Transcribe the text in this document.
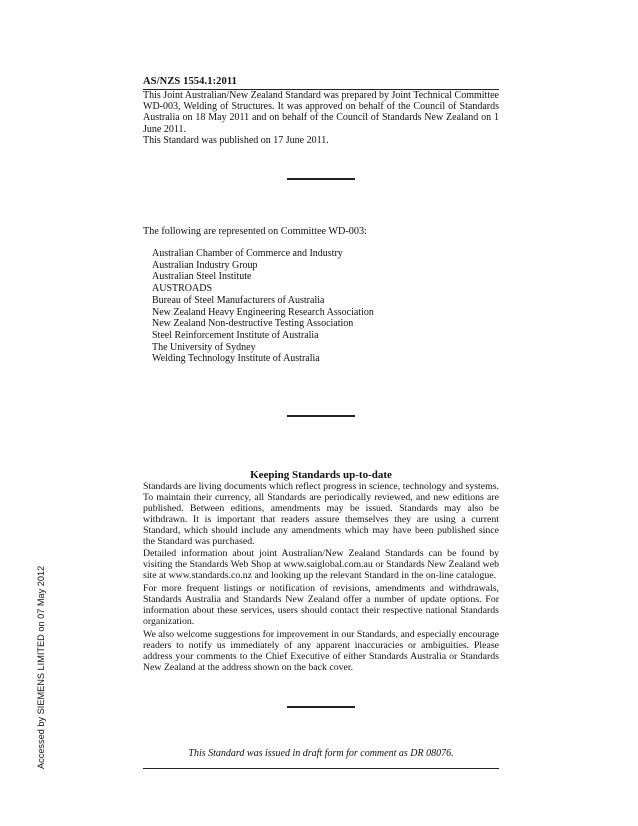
AS/NZS 1554.1:2011

This Joint Australian/New Zealand Standard was prepared by Joint Technical Committee WD-003, Welding of Structures. It was approved on behalf of the Council of Standards Australia on 18 May 2011 and on behalf of the Council of Standards New Zealand on 1 June 2011.

This Standard was published on 17 June 2011.

The following are represented on Committee WD-003:
Australian Chamber of Commerce and Industry
Australian Industry Group
Australian Steel Institute
AUSTROADS
Bureau of Steel Manufacturers of Australia
New Zealand Heavy Engineering Research Association
New Zealand Non-destructive Testing Association
Steel Reinforcement Institute of Australia
The University of Sydney
Welding Technology Institute of Australia
Keeping Standards up-to-date

Standards are living documents which reflect progress in science, technology and systems. To maintain their currency, all Standards are periodically reviewed, and new editions are published. Between editions, amendments may be issued. Standards may also be withdrawn. It is important that readers assure themselves they are using a current Standard, which should include any amendments which may have been published since the Standard was purchased.

Detailed information about joint Australian/New Zealand Standards can be found by visiting the Standards Web Shop at www.saiglobal.com.au or Standards New Zealand web site at www.standards.co.nz and looking up the relevant Standard in the on-line catalogue.

For more frequent listings or notification of revisions, amendments and withdrawals, Standards Australia and Standards New Zealand offer a number of update options. For information about these services, users should contact their respective national Standards organization.

We also welcome suggestions for improvement in our Standards, and especially encourage readers to notify us immediately of any apparent inaccuracies or ambiguities. Please address your comments to the Chief Executive of either Standards Australia or Standards New Zealand at the address shown on the back cover.

This Standard was issued in draft form for comment as DR 08076.
Accessed by SIEMENS LIMITED on 07 May 2012
